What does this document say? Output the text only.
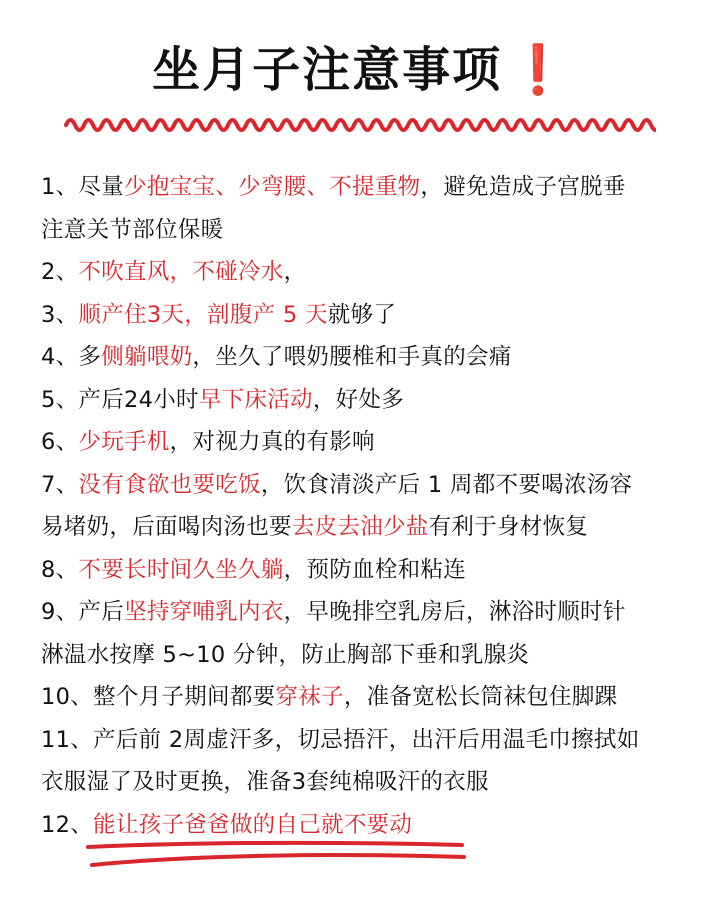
坐月子注意事项 ❗
1、尽量少抱宝宝、少弯腰、不提重物，避免造成子宫脱垂
注意关节部位保暖
2、不吹直风，不碰冷水，
3、顺产住3天，剖腹产 5 天就够了
4、多侧躺喂奶，坐久了喂奶腰椎和手真的会痛
5、产后24小时早下床活动，好处多
6、少玩手机，对视力真的有影响
7、没有食欲也要吃饭，饮食清淡产后 1 周都不要喝浓汤容
易堵奶，后面喝肉汤也要去皮去油少盐有利于身材恢复
8、不要长时间久坐久躺，预防血栓和粘连
9、产后坚持穿哺乳内衣，早晚排空乳房后，淋浴时顺时针
淋温水按摩 5~10 分钟，防止胸部下垂和乳腺炎
10、整个月子期间都要穿袜子，准备宽松长筒袜包住脚踝
11、产后前 2周虚汗多，切忌捂汗，出汗后用温毛巾擦拭如
衣服湿了及时更换，准备3套纯棉吸汗的衣服
12、能让孩子爸爸做的自己就不要动
